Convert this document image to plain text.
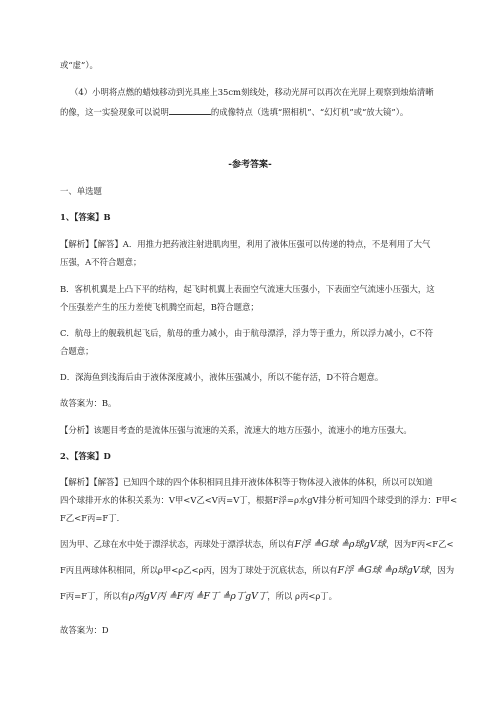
或“虚”）。
（4）小明将点燃的蜡烛移动到光具座上35cm刻线处，移动光屏可以再次在光屏上观察到烛焰清晰
的像，这一实验现象可以说明	的成像特点（选填“照相机”、“幻灯机”或“放大镜”）。
-参考答案-
一、单选题
1、【答案】B
【解析】【解答】A．用推力把药液注射进肌肉里，利用了液体压强可以传递的特点，不是利用了大气
压强，A不符合题意；
B．客机机翼是上凸下平的结构，起飞时机翼上表面空气流速大压强小，下表面空气流速小压强大，这
个压强差产生的压力差使飞机腾空而起，B符合题意；
C．航母上的舰载机起飞后，航母的重力减小，由于航母漂浮，浮力等于重力，所以浮力减小，C不符
合题意；
D．深海鱼到浅海后由于液体深度减小，液体压强减小，所以不能存活，D不符合题意。
故答案为：B。
【分析】该题目考查的是流体压强与流速的关系，流速大的地方压强小，流速小的地方压强大。
2、【答案】D
【解析】【解答】已知四个球的四个体积相同且排开液体体积等于物体浸入液体的体积，所以可以知道
四个球排开水的体积关系为：V甲<V乙<V丙=V丁，根据F浮=ρ水gV排分析可知四个球受到的浮力：F甲<
F乙<F丙=F丁．
因为甲、乙球在水中处于漂浮状态，丙球处于漂浮状态，所以有F浮 ≜G球 ≜ρ球gV球，因为F丙<F乙<
F丙且两球体积相同，所以ρ甲<ρ乙<ρ丙，因为丁球处于沉底状态，所以有F浮 ≜G球 ≜ρ球gV球，因为
F丙=F丁，所以有ρ丙gV丙 ≜F丙 ≜F丁 ≜ρ丁gV丁，所以 ρ丙<ρ丁。
故答案为：D
